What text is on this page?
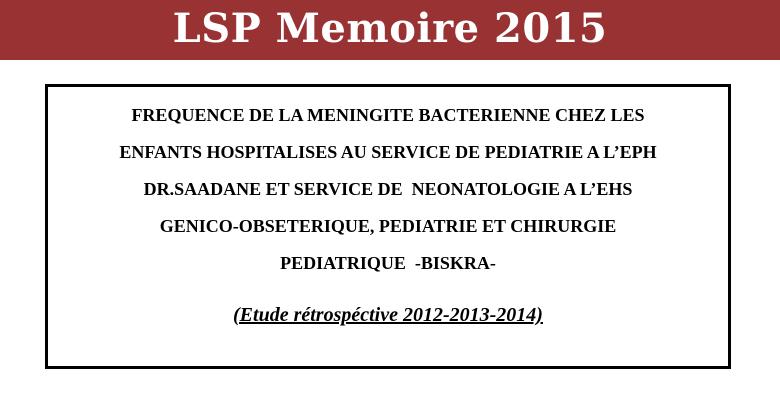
LSP Memoire 2015
FREQUENCE DE LA MENINGITE BACTERIENNE CHEZ LES
ENFANTS HOSPITALISES AU SERVICE DE PEDIATRIE A L’EPH
DR.SAADANE ET SERVICE DE  NEONATOLOGIE A L’EHS
GENICO-OBSETERIQUE, PEDIATRIE ET CHIRURGIE
PEDIATRIQUE  -BISKRA-
(Etude rétrospéctive 2012-2013-2014)
